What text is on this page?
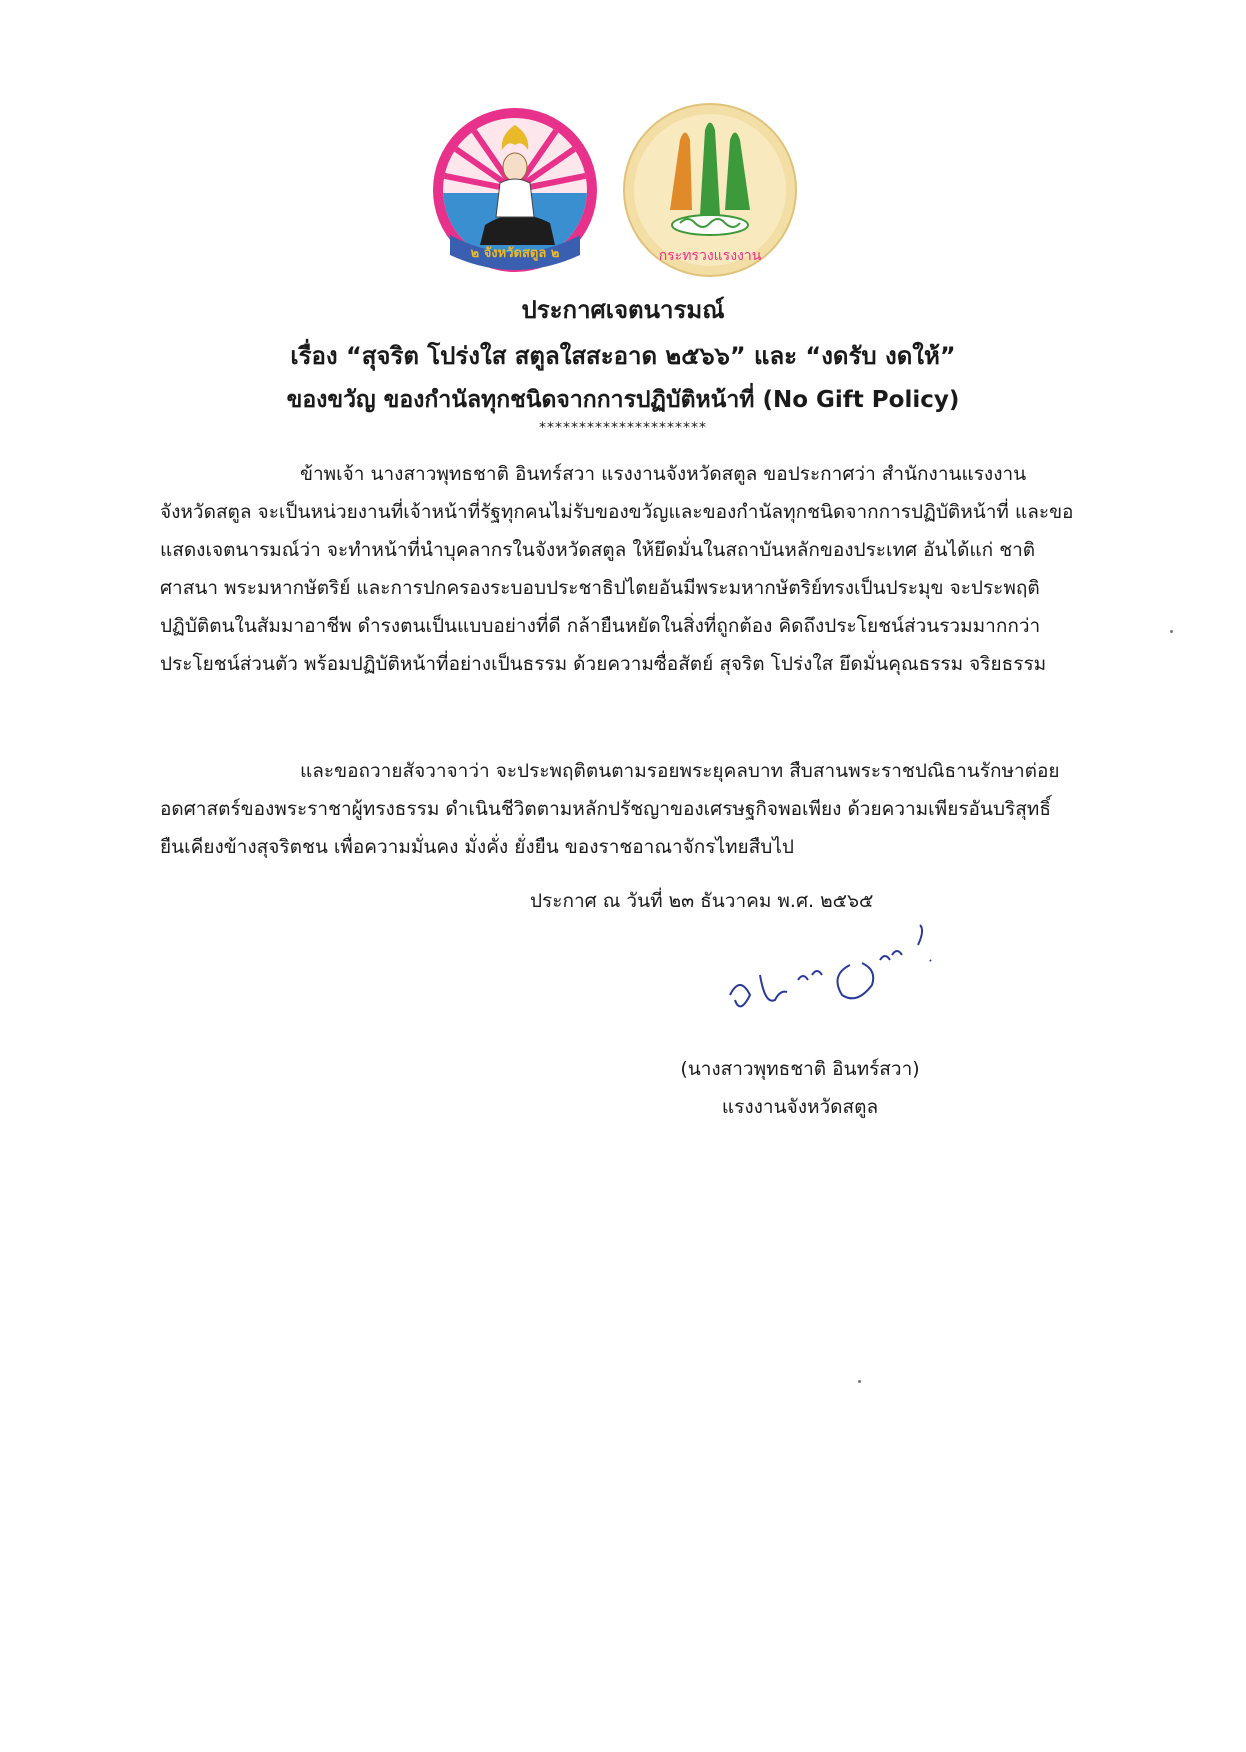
๒ จังหวัดสตูล ๒	กระทรวงแรงงาน
ประกาศเจตนารมณ์
เรื่อง “สุจริต โปร่งใส สตูลใสสะอาด ๒๕๖๖” และ “งดรับ งดให้”
ของขวัญ ของกำนัลทุกชนิดจากการปฏิบัติหน้าที่ (No Gift Policy)
*********************

ข้าพเจ้า นางสาวพุทธชาติ อินทร์สวา แรงงานจังหวัดสตูล ขอประกาศว่า สำนักงานแรงงานจังหวัดสตูล จะเป็นหน่วยงานที่เจ้าหน้าที่รัฐทุกคนไม่รับของขวัญและของกำนัลทุกชนิดจากการปฏิบัติหน้าที่ และขอแสดงเจตนารมณ์ว่า จะทำหน้าที่นำบุคลากรในจังหวัดสตูล ให้ยึดมั่นในสถาบันหลักของประเทศ อันได้แก่ ชาติ ศาสนา พระมหากษัตริย์ และการปกครองระบอบประชาธิปไตยอันมีพระมหากษัตริย์ทรงเป็นประมุข จะประพฤติปฏิบัติตนในสัมมาอาชีพ ดำรงตนเป็นแบบอย่างที่ดี กล้ายืนหยัดในสิ่งที่ถูกต้อง คิดถึงประโยชน์ส่วนรวมมากกว่าประโยชน์ส่วนตัว พร้อมปฏิบัติหน้าที่อย่างเป็นธรรม ด้วยความซื่อสัตย์ สุจริต โปร่งใส ยึดมั่นคุณธรรม จริยธรรม

และขอถวายสัจวาจาว่า จะประพฤติตนตามรอยพระยุคลบาท สืบสานพระราชปณิธานรักษาต่อยอดศาสตร์ของพระราชาผู้ทรงธรรม ดำเนินชีวิตตามหลักปรัชญาของเศรษฐกิจพอเพียง ด้วยความเพียรอันบริสุทธิ์ ยืนเคียงข้างสุจริตชน เพื่อความมั่นคง มั่งคั่ง ยั่งยืน ของราชอาณาจักรไทยสืบไป

ประกาศ ณ วันที่ ๒๓ ธันวาคม พ.ศ. ๒๕๖๕
(นางสาวพุทธชาติ อินทร์สวา)
แรงงานจังหวัดสตูล
